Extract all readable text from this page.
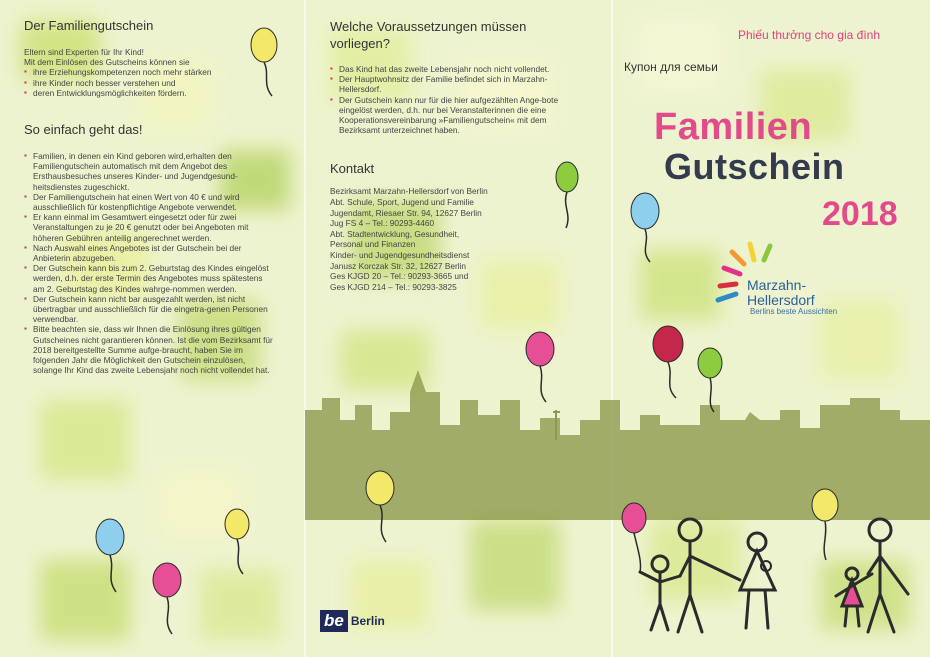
Der Familiengutschein
Eltern sind Experten für Ihr Kind!
Mit dem Einlösen des Gutscheins können sie
▪ ihre Erziehungskompetenzen noch mehr stärken
▪ ihre Kinder noch besser verstehen und
▪ deren Entwicklungsmöglichkeiten fördern.
So einfach geht das!
▪ Familien, in denen ein Kind geboren wird,erhalten den Familiengutschein automatisch mit dem Angebot des Ersthausbesuches unseres Kinder- und Jugendgesund-heitsdienstes zugeschickt.
▪ Der Familiengutschein hat einen Wert von 40 € und wird ausschließlich für kostenpflichtige Angebote verwendet.
▪ Er kann einmal im Gesamtwert eingesetzt oder für zwei Veranstaltungen zu je 20 € genutzt oder bei Angeboten mit höheren Gebühren anteilig angerechnet werden.
▪ Nach Auswahl eines Angebotes ist der Gutschein bei der Anbieterin abzugeben.
▪ Der Gutschein kann bis zum 2. Geburtstag des Kindes eingelöst werden, d.h. der erste Termin des Angebotes muss spätestens am 2. Geburtstag des Kindes wahrge-nommen werden.
▪ Der Gutschein kann nicht bar ausgezahlt werden, ist nicht übertragbar und ausschließlich für die eingetra-genen Personen verwendbar.
▪ Bitte beachten sie, dass wir Ihnen die Einlösung ihres gültigen Gutscheines nicht garantieren können. Ist die vom Bezirksamt für 2018 bereitgestellte Summe aufge-braucht, haben Sie im folgenden Jahr die Möglichkeit den Gutschein einzulösen, solange Ihr Kind das zweite Lebensjahr noch nicht vollendet hat.
Welche Voraussetzungen müssen vorliegen?
▪ Das Kind hat das zweite Lebensjahr noch nicht vollendet.
▪ Der Hauptwohnsitz der Familie befindet sich in Marzahn-Hellersdorf.
▪ Der Gutschein kann nur für die hier aufgezählten Ange-bote eingelöst werden, d.h. nur bei Veranstalterinnen die eine Kooperationsvereinbarung »Familiengutschein« mit dem Bezirksamt unterzeichnet haben.
Kontakt
Bezirksamt Marzahn-Hellersdorf von Berlin
Abt. Schule, Sport, Jugend und Familie
Jugendamt, Riesaer Str. 94, 12627 Berlin
Jug FS 4 – Tel.: 90293-4460
Abt. Stadtentwicklung, Gesundheit,
Personal und Finanzen
Kinder- und Jugendgesundheitsdienst
Janusz Korczak Str. 32, 12627 Berlin
Ges KJGD 20 – Tel.: 90293-3665 und
Ges KJGD 214 – Tel.: 90293-3825
be Berlin
Phiếu thưởng cho gia đình
Купон для семьи
Familien
Gutschein
2018
Marzahn-
Hellersdorf
Berlins beste Aussichten
